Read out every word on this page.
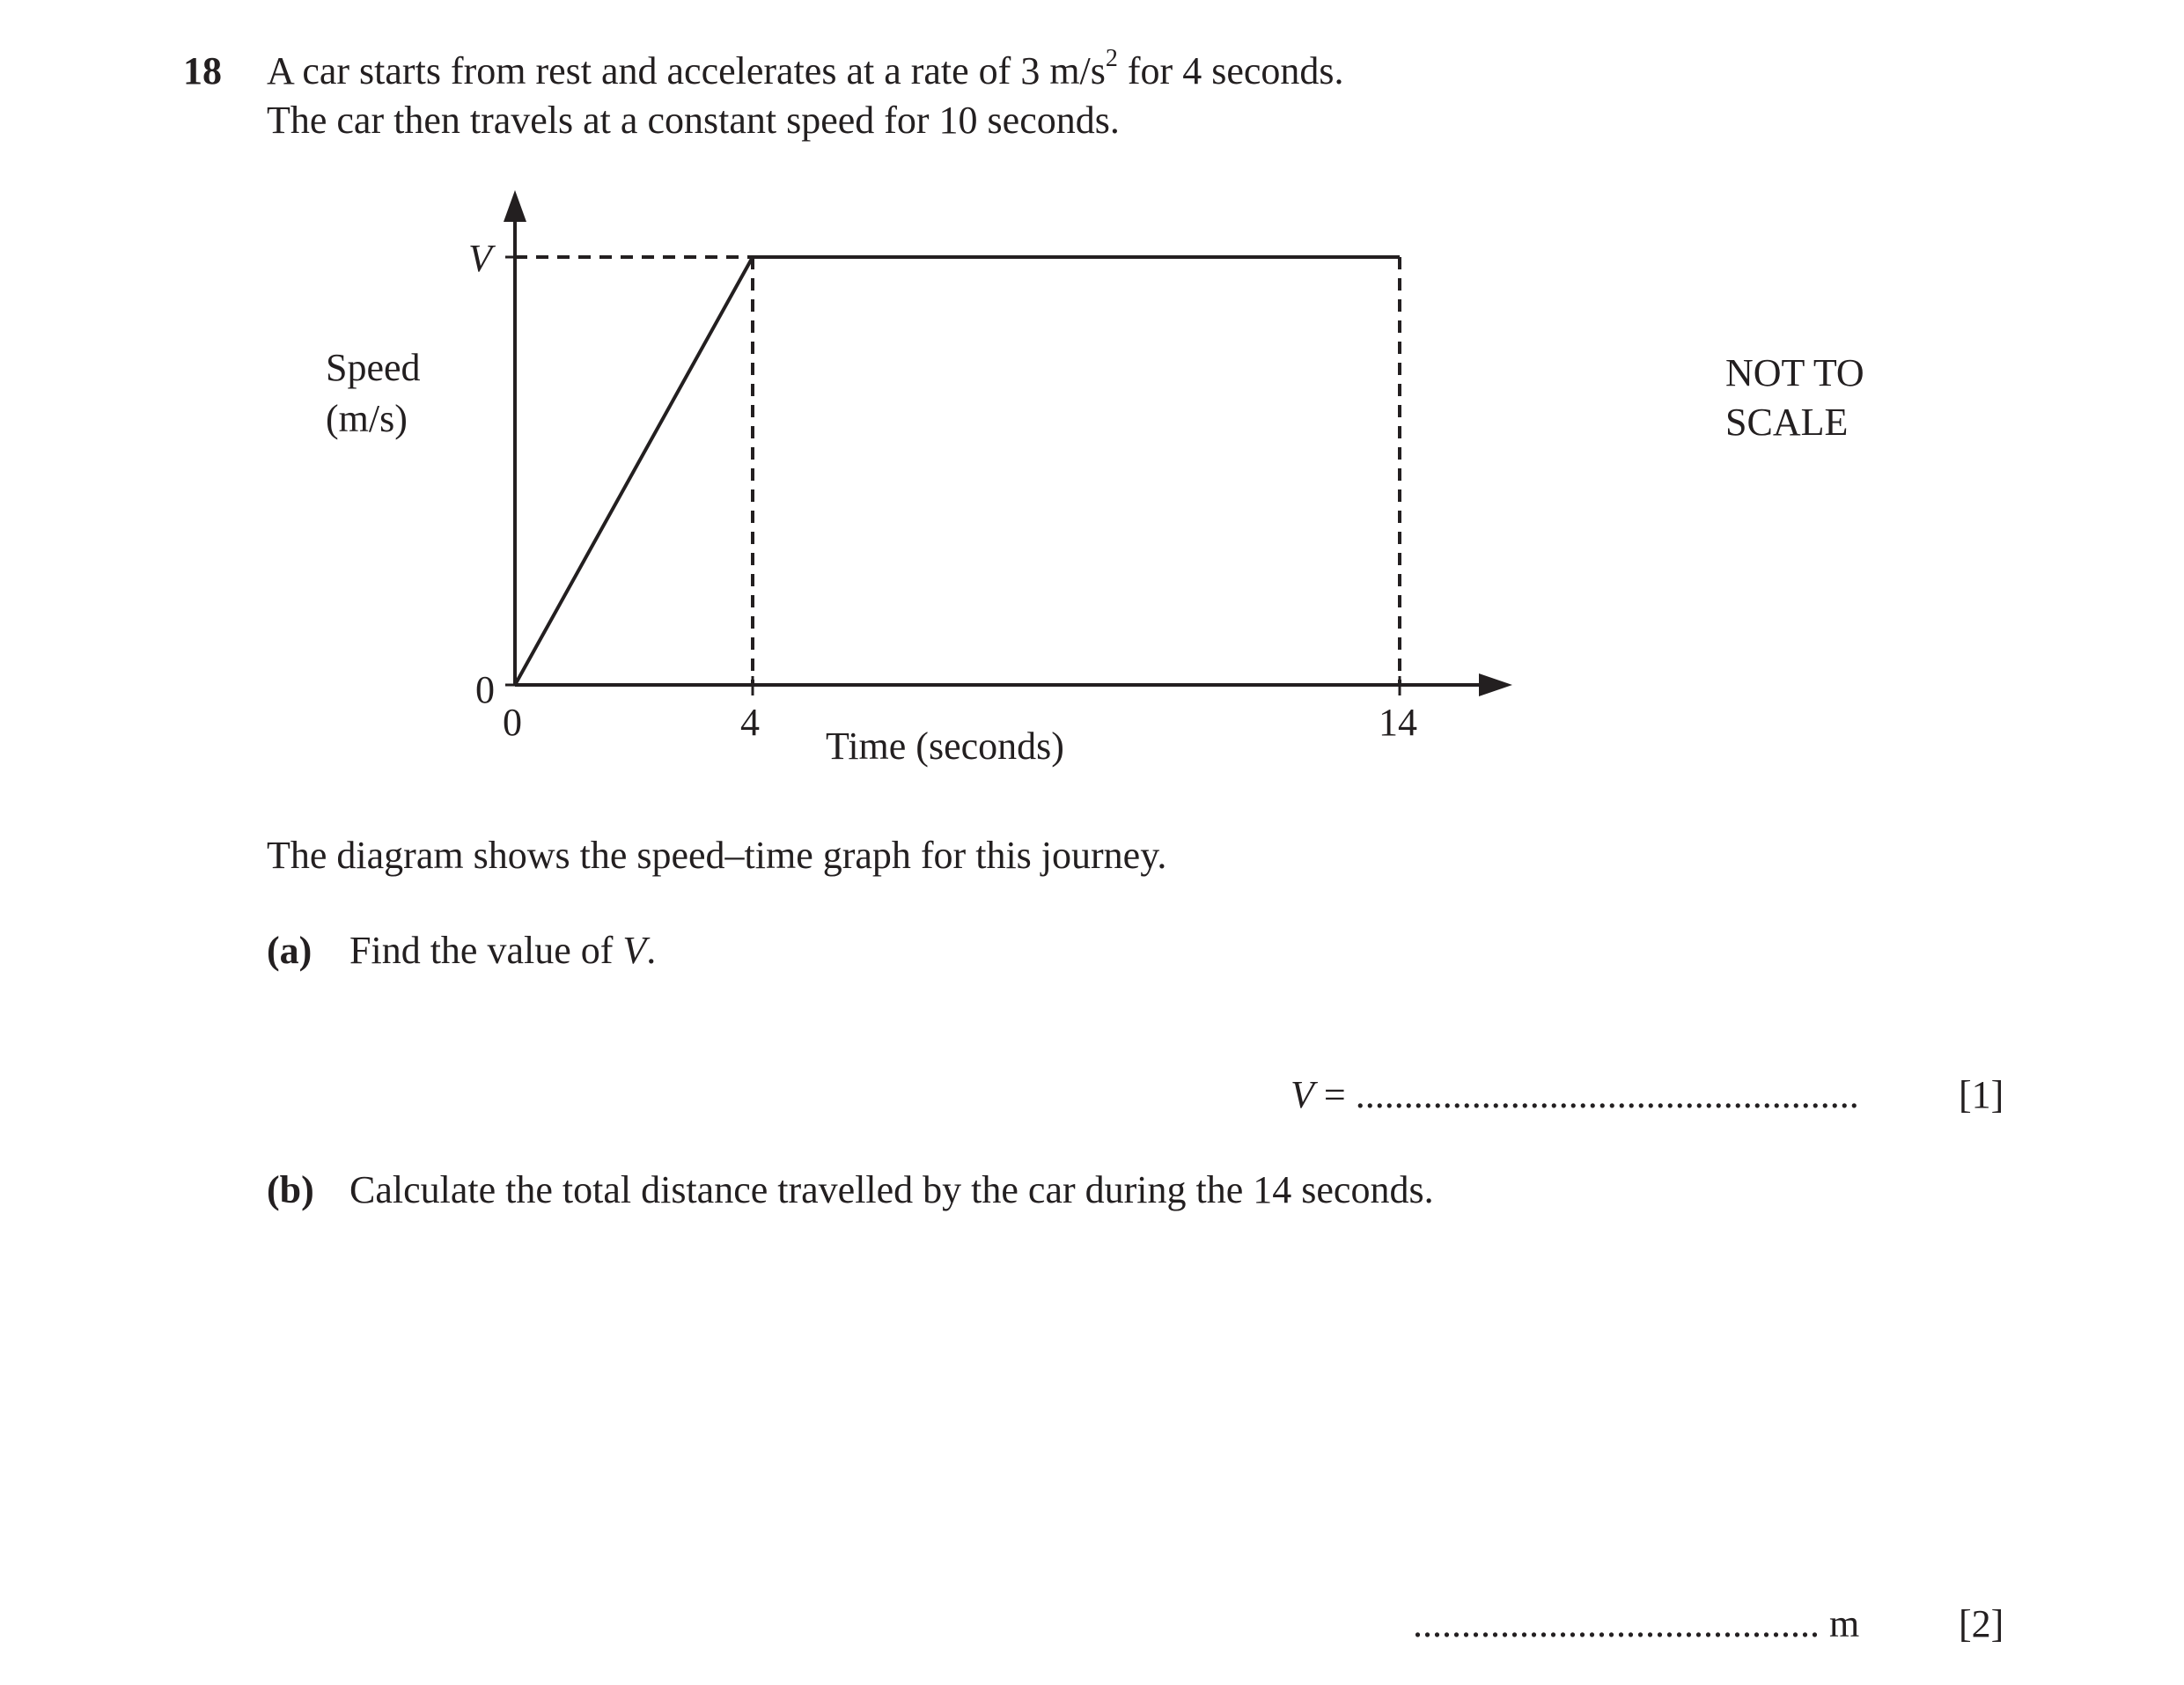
18 A car starts from rest and accelerates at a rate of 3 $m/s^2$ for 4 seconds.
The car then travels at a constant speed for 10 seconds.
Speed
(m/s)
V
0
0	4	14
Time (seconds)
NOT TO
SCALE
The diagram shows the speed–time graph for this journey.
(a) Find the value of V.
V = ....................................................	[1]
(b) Calculate the total distance travelled by the car during the 14 seconds.
.......................................... m	[2]
